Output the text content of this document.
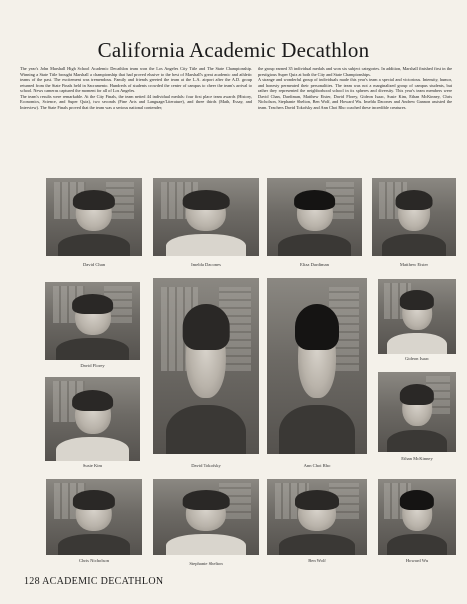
California Academic Decathlon
The year's John Marshall High School Academic Decathlon team won the Los Angeles City Title and The State Championship. Winning a State Title brought Marshall a championship that had proved elusive to the best of Marshall's great academic and athletic teams of the past. The excitement was tremendous. Family and friends greeted the team at the L.A. airport after the A.D. group returned from the State Finals held in Sacramento. Hundreds of students crowded the center of campus to cheer the team's arrival to school. News cameras captured the moment for all of Los Angeles.
The team's results were remarkable. At the City Finals, the team netted 44 individual medals: four first place team awards (History, Economics, Science, and Super Quiz), two seconds (Fine Arts and Language/Literature), and three thirds (Math, Essay, and Interview). The State Finals proved that the team was a serious national contender;
the group earned 35 individual medals and won six subject categories. In addition, Marshall finished first in the prestigious Super Quiz at both the City and State Championships.
A strange and wonderful group of individuals made this year's team a special and victorious. Intensity, humor, and honesty permeated their personalities. The team was not a marginalized group of campus students, but rather they represented the neighborhood school in its spheres and diversity. This year's team members were David Chan, Dardiman, Matthew Eister, David Florey, Gideon Isaac, Susie Kim, Ethan McKinney, Chris Nicholson, Stephanie Shelton, Ben Wolf, and Howard Wu. Imelda Dacones and Andrew Gannon assisted the team. Teachers David Tokofsky and Ann Choi Rho coached these incredible creatures.
David Chan	Imelda Dacones	Eliza Dardiman	Matthew Eister
David Florey
Susie Kim	David Tokofsky	Ann Choi Rho
Gideon Isaac
Ethan McKinney
Chris Nicholson
Stephanie Shelton
Ben Wolf	Howard Wu
128 ACADEMIC DECATHLON
